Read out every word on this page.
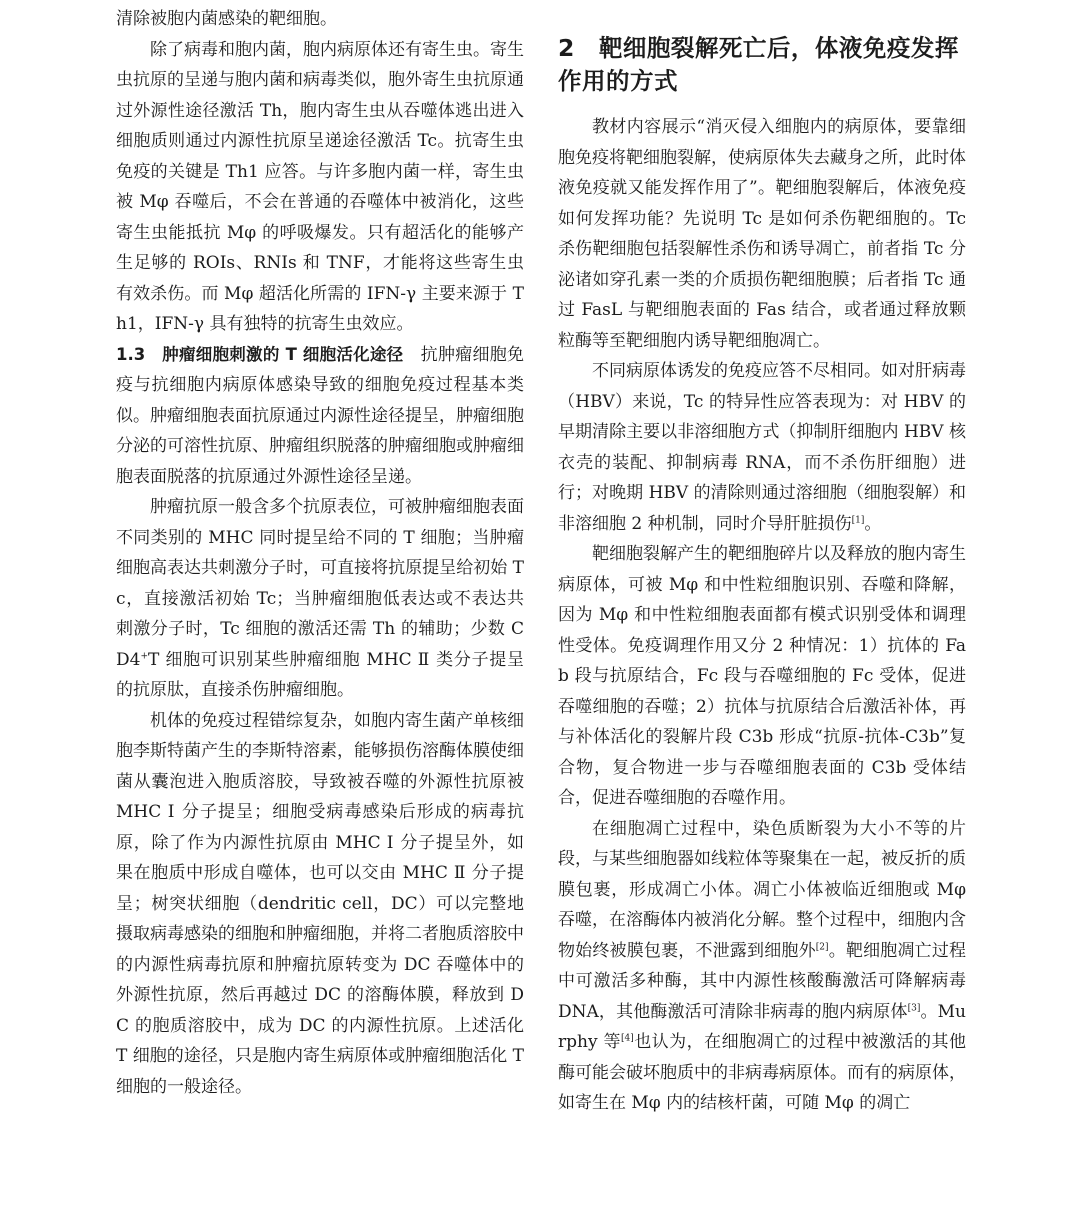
清除被胞内菌感染的靶细胞。

除了病毒和胞内菌，胞内病原体还有寄生虫。寄生虫抗原的呈递与胞内菌和病毒类似，胞外寄生虫抗原通过外源性途径激活 Th，胞内寄生虫从吞噬体逃出进入细胞质则通过内源性抗原呈递途径激活 Tc。抗寄生虫免疫的关键是 Th1 应答。与许多胞内菌一样，寄生虫被 Mφ 吞噬后，不会在普通的吞噬体中被消化，这些寄生虫能抵抗 Mφ 的呼吸爆发。只有超活化的能够产生足够的 ROIs、RNIs 和 TNF，才能将这些寄生虫有效杀伤。而 Mφ 超活化所需的 IFN-γ 主要来源于 Th1，IFN-γ 具有独特的抗寄生虫效应。

1.3　肿瘤细胞刺激的 T 细胞活化途径　抗肿瘤细胞免疫与抗细胞内病原体感染导致的细胞免疫过程基本类似。肿瘤细胞表面抗原通过内源性途径提呈，肿瘤细胞分泌的可溶性抗原、肿瘤组织脱落的肿瘤细胞或肿瘤细胞表面脱落的抗原通过外源性途径呈递。

肿瘤抗原一般含多个抗原表位，可被肿瘤细胞表面不同类别的 MHC 同时提呈给不同的 T 细胞；当肿瘤细胞高表达共刺激分子时，可直接将抗原提呈给初始 Tc，直接激活初始 Tc；当肿瘤细胞低表达或不表达共刺激分子时，Tc 细胞的激活还需 Th 的辅助；少数 CD4+T 细胞可识别某些肿瘤细胞 MHC Ⅱ 类分子提呈的抗原肽，直接杀伤肿瘤细胞。

机体的免疫过程错综复杂，如胞内寄生菌产单核细胞李斯特菌产生的李斯特溶素，能够损伤溶酶体膜使细菌从囊泡进入胞质溶胶，导致被吞噬的外源性抗原被 MHC Ⅰ 分子提呈；细胞受病毒感染后形成的病毒抗原，除了作为内源性抗原由 MHC Ⅰ 分子提呈外，如果在胞质中形成自噬体，也可以交由 MHC Ⅱ 分子提呈；树突状细胞（dendritic cell，DC）可以完整地摄取病毒感染的细胞和肿瘤细胞，并将二者胞质溶胶中的内源性病毒抗原和肿瘤抗原转变为 DC 吞噬体中的外源性抗原，然后再越过 DC 的溶酶体膜，释放到 DC 的胞质溶胶中，成为 DC 的内源性抗原。上述活化 T 细胞的途径，只是胞内寄生病原体或肿瘤细胞活化 T 细胞的一般途径。

2　靶细胞裂解死亡后，体液免疫发挥作用的方式

教材内容展示“消灭侵入细胞内的病原体，要靠细胞免疫将靶细胞裂解，使病原体失去藏身之所，此时体液免疫就又能发挥作用了”。靶细胞裂解后，体液免疫如何发挥功能？先说明 Tc 是如何杀伤靶细胞的。Tc 杀伤靶细胞包括裂解性杀伤和诱导凋亡，前者指 Tc 分泌诸如穿孔素一类的介质损伤靶细胞膜；后者指 Tc 通过 FasL 与靶细胞表面的 Fas 结合，或者通过释放颗粒酶等至靶细胞内诱导靶细胞凋亡。

不同病原体诱发的免疫应答不尽相同。如对肝病毒（HBV）来说，Tc 的特异性应答表现为：对 HBV 的早期清除主要以非溶细胞方式（抑制肝细胞内 HBV 核衣壳的装配、抑制病毒 RNA，而不杀伤肝细胞）进行；对晚期 HBV 的清除则通过溶细胞（细胞裂解）和非溶细胞 2 种机制，同时介导肝脏损伤[1]。

靶细胞裂解产生的靶细胞碎片以及释放的胞内寄生病原体，可被 Mφ 和中性粒细胞识别、吞噬和降解，因为 Mφ 和中性粒细胞表面都有模式识别受体和调理性受体。免疫调理作用又分 2 种情况：1）抗体的 Fab 段与抗原结合，Fc 段与吞噬细胞的 Fc 受体，促进吞噬细胞的吞噬；2）抗体与抗原结合后激活补体，再与补体活化的裂解片段 C3b 形成“抗原-抗体-C3b”复合物，复合物进一步与吞噬细胞表面的 C3b 受体结合，促进吞噬细胞的吞噬作用。

在细胞凋亡过程中，染色质断裂为大小不等的片段，与某些细胞器如线粒体等聚集在一起，被反折的质膜包裹，形成凋亡小体。凋亡小体被临近细胞或 Mφ 吞噬，在溶酶体内被消化分解。整个过程中，细胞内含物始终被膜包裹，不泄露到细胞外[2]。靶细胞凋亡过程中可激活多种酶，其中内源性核酸酶激活可降解病毒 DNA，其他酶激活可清除非病毒的胞内病原体[3]。Murphy 等[4]也认为，在细胞凋亡的过程中被激活的其他酶可能会破坏胞质中的非病毒病原体。而有的病原体，如寄生在 Mφ 内的结核杆菌，可随 Mφ 的凋亡
